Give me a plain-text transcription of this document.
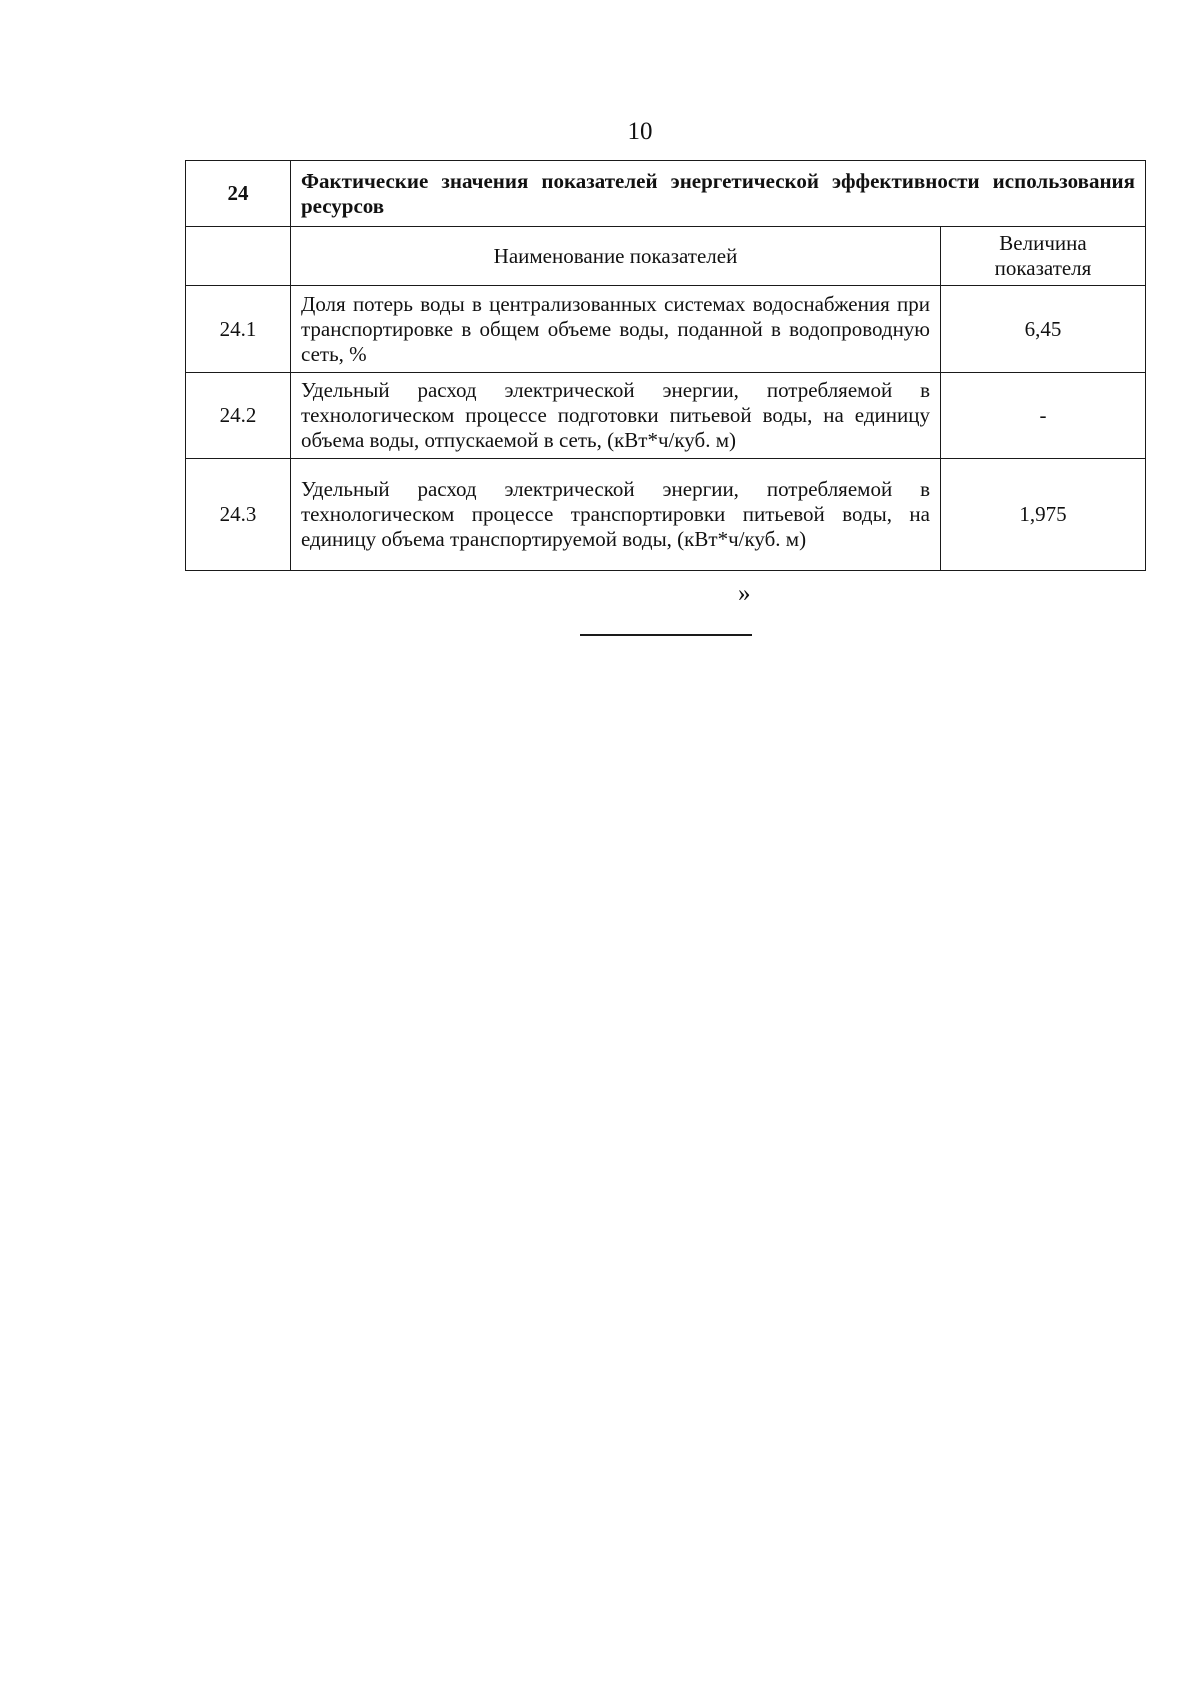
10
24	Фактические значения показателей энергетической эффективности использования ресурсов	
	Наименование показателей	Величина показателя
24.1	Доля потерь воды в централизованных системах водоснабжения при транспортировке в общем объеме воды, поданной в водопроводную сеть, %	6,45
24.2	Удельный расход электрической энергии, потребляемой в технологическом процессе подготовки питьевой воды, на единицу объема воды, отпускаемой в сеть, (кВт*ч/куб. м)	-
24.3	Удельный расход электрической энергии, потребляемой в технологическом процессе транспортировки питьевой воды, на единицу объема транспортируемой воды, (кВт*ч/куб. м)	1,975
»
